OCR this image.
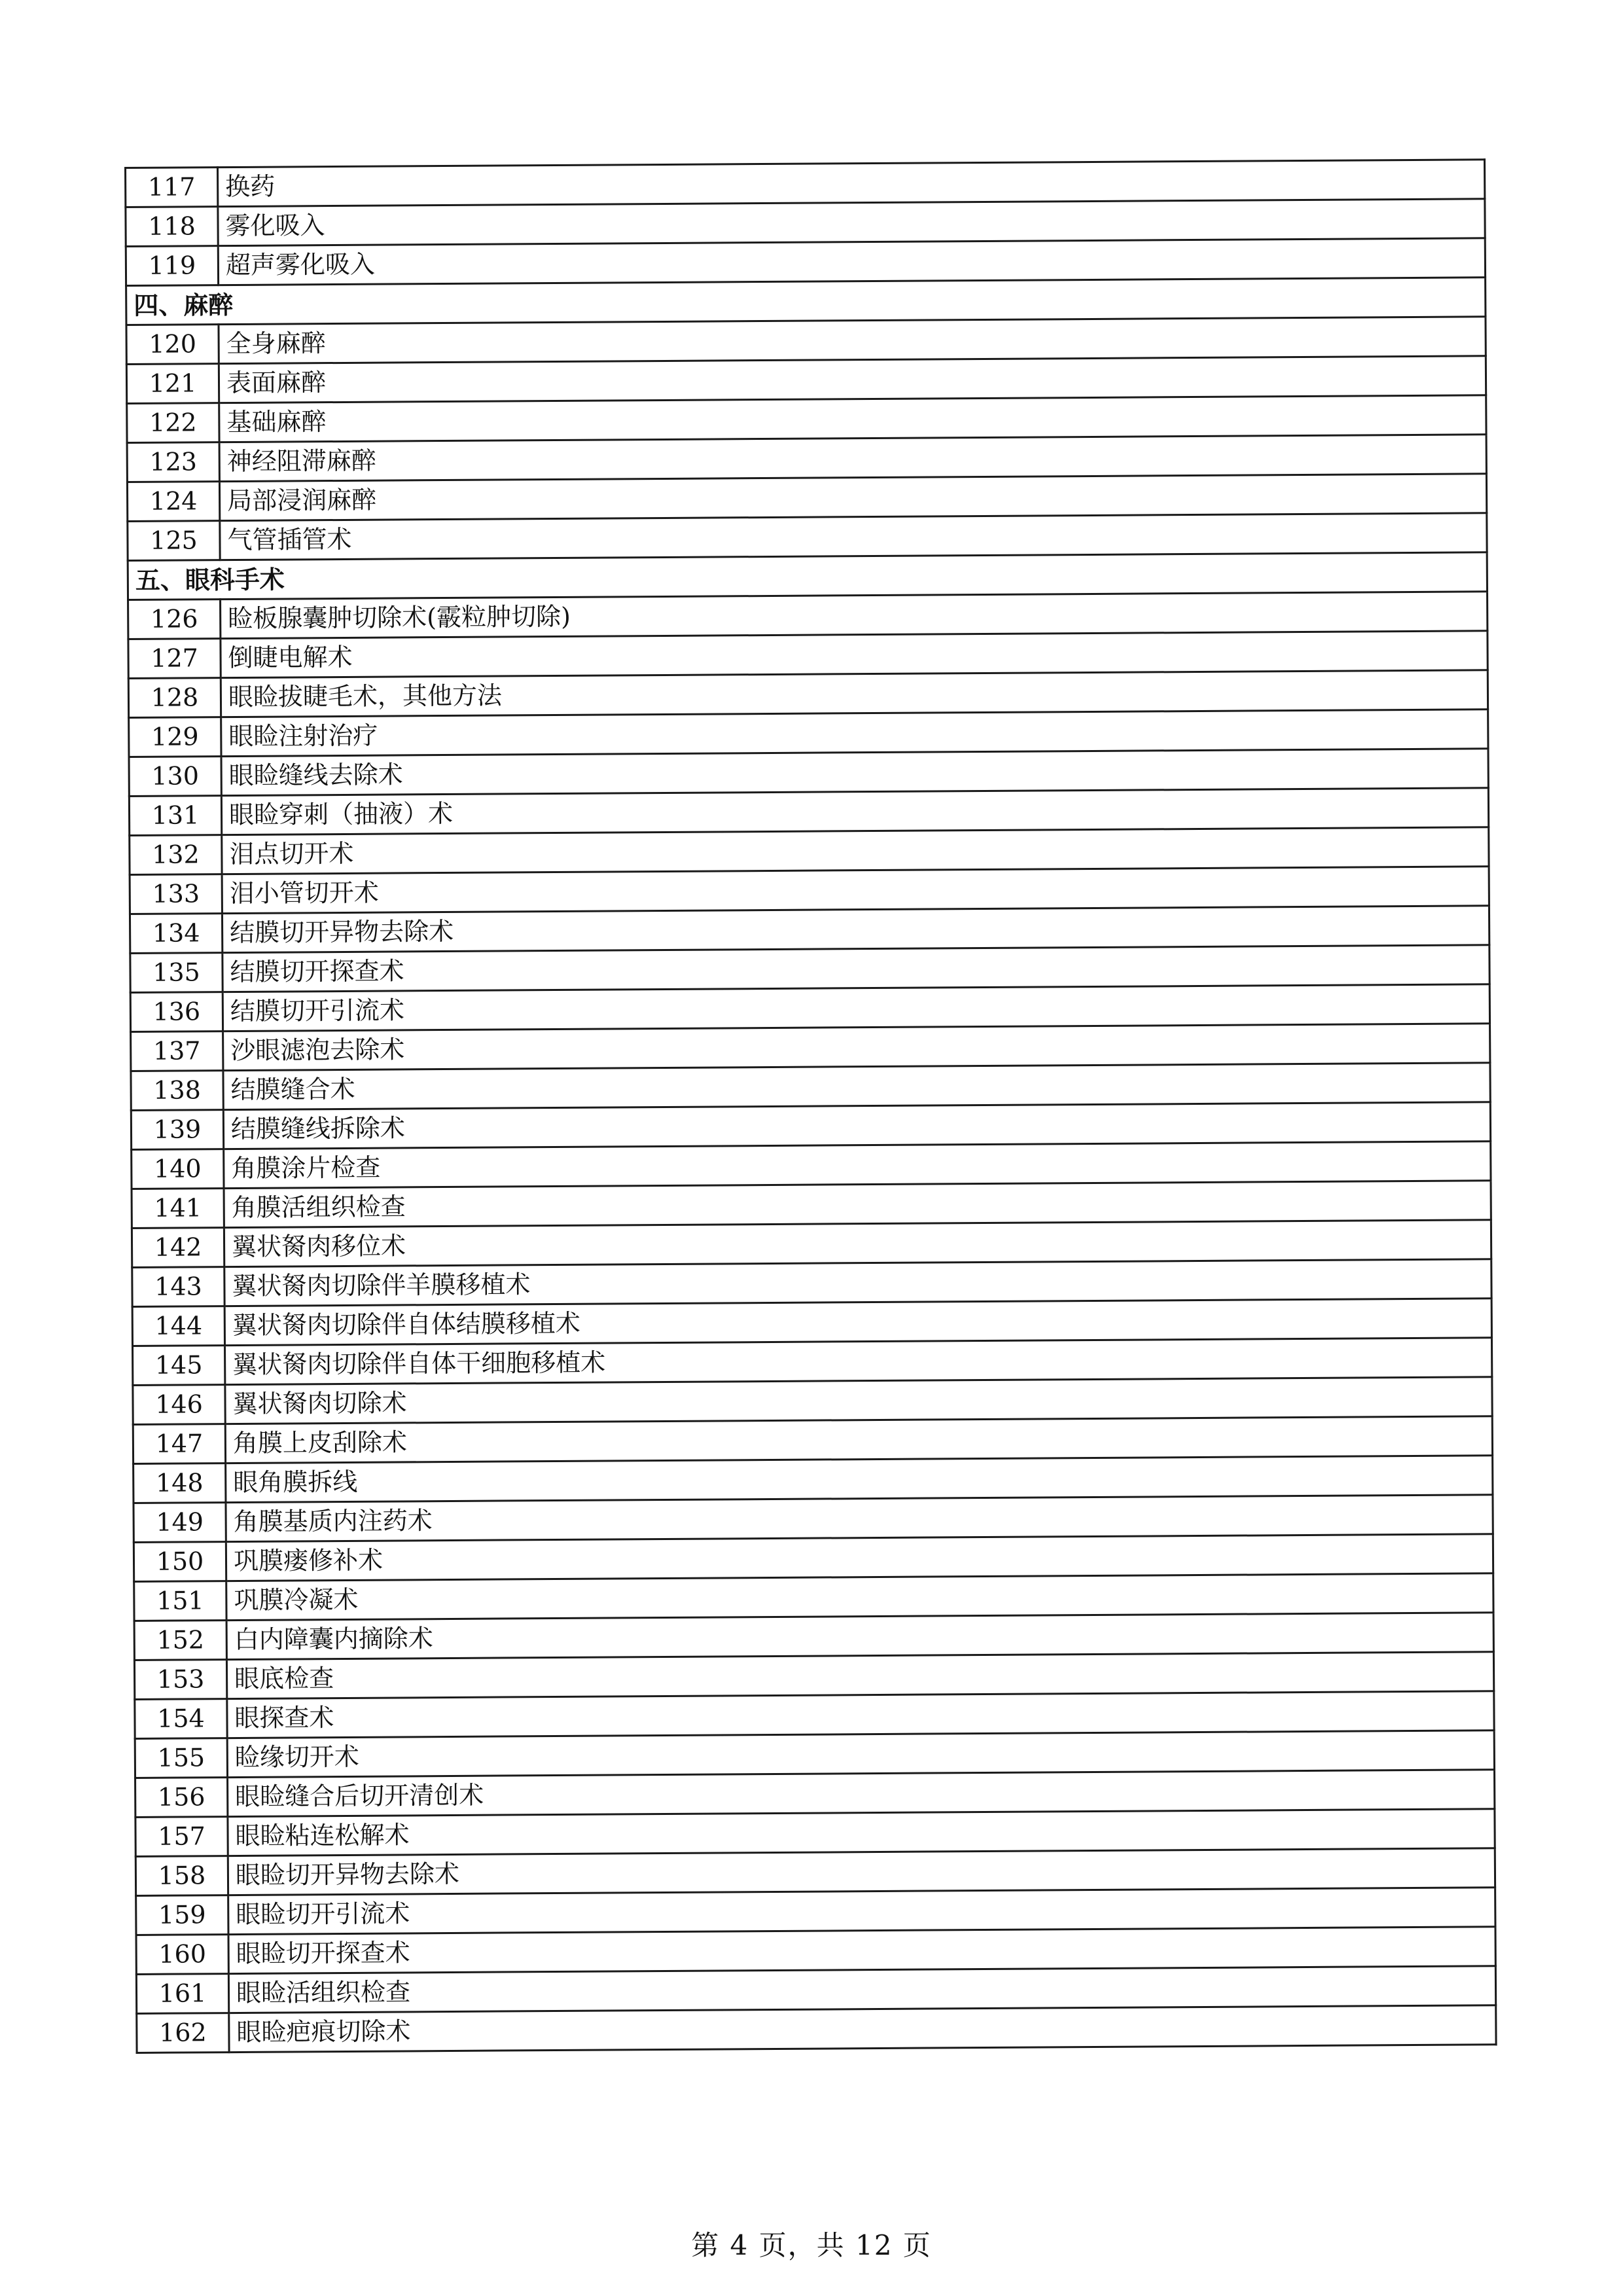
117	换药
118	雾化吸入
119	超声雾化吸入
四、麻醉	
120	全身麻醉
121	表面麻醉
122	基础麻醉
123	神经阻滞麻醉
124	局部浸润麻醉
125	气管插管术
五、眼科手术	
126	睑板腺囊肿切除术(霰粒肿切除)
127	倒睫电解术
128	眼睑拔睫毛术，其他方法
129	眼睑注射治疗
130	眼睑缝线去除术
131	眼睑穿刺（抽液）术
132	泪点切开术
133	泪小管切开术
134	结膜切开异物去除术
135	结膜切开探查术
136	结膜切开引流术
137	沙眼滤泡去除术
138	结膜缝合术
139	结膜缝线拆除术
140	角膜涂片检查
141	角膜活组织检查
142	翼状胬肉移位术
143	翼状胬肉切除伴羊膜移植术
144	翼状胬肉切除伴自体结膜移植术
145	翼状胬肉切除伴自体干细胞移植术
146	翼状胬肉切除术
147	角膜上皮刮除术
148	眼角膜拆线
149	角膜基质内注药术
150	巩膜瘘修补术
151	巩膜冷凝术
152	白内障囊内摘除术
153	眼底检查
154	眼探查术
155	睑缘切开术
156	眼睑缝合后切开清创术
157	眼睑粘连松解术
158	眼睑切开异物去除术
159	眼睑切开引流术
160	眼睑切开探查术
161	眼睑活组织检查
162	眼睑疤痕切除术
第 4 页，共 12 页
